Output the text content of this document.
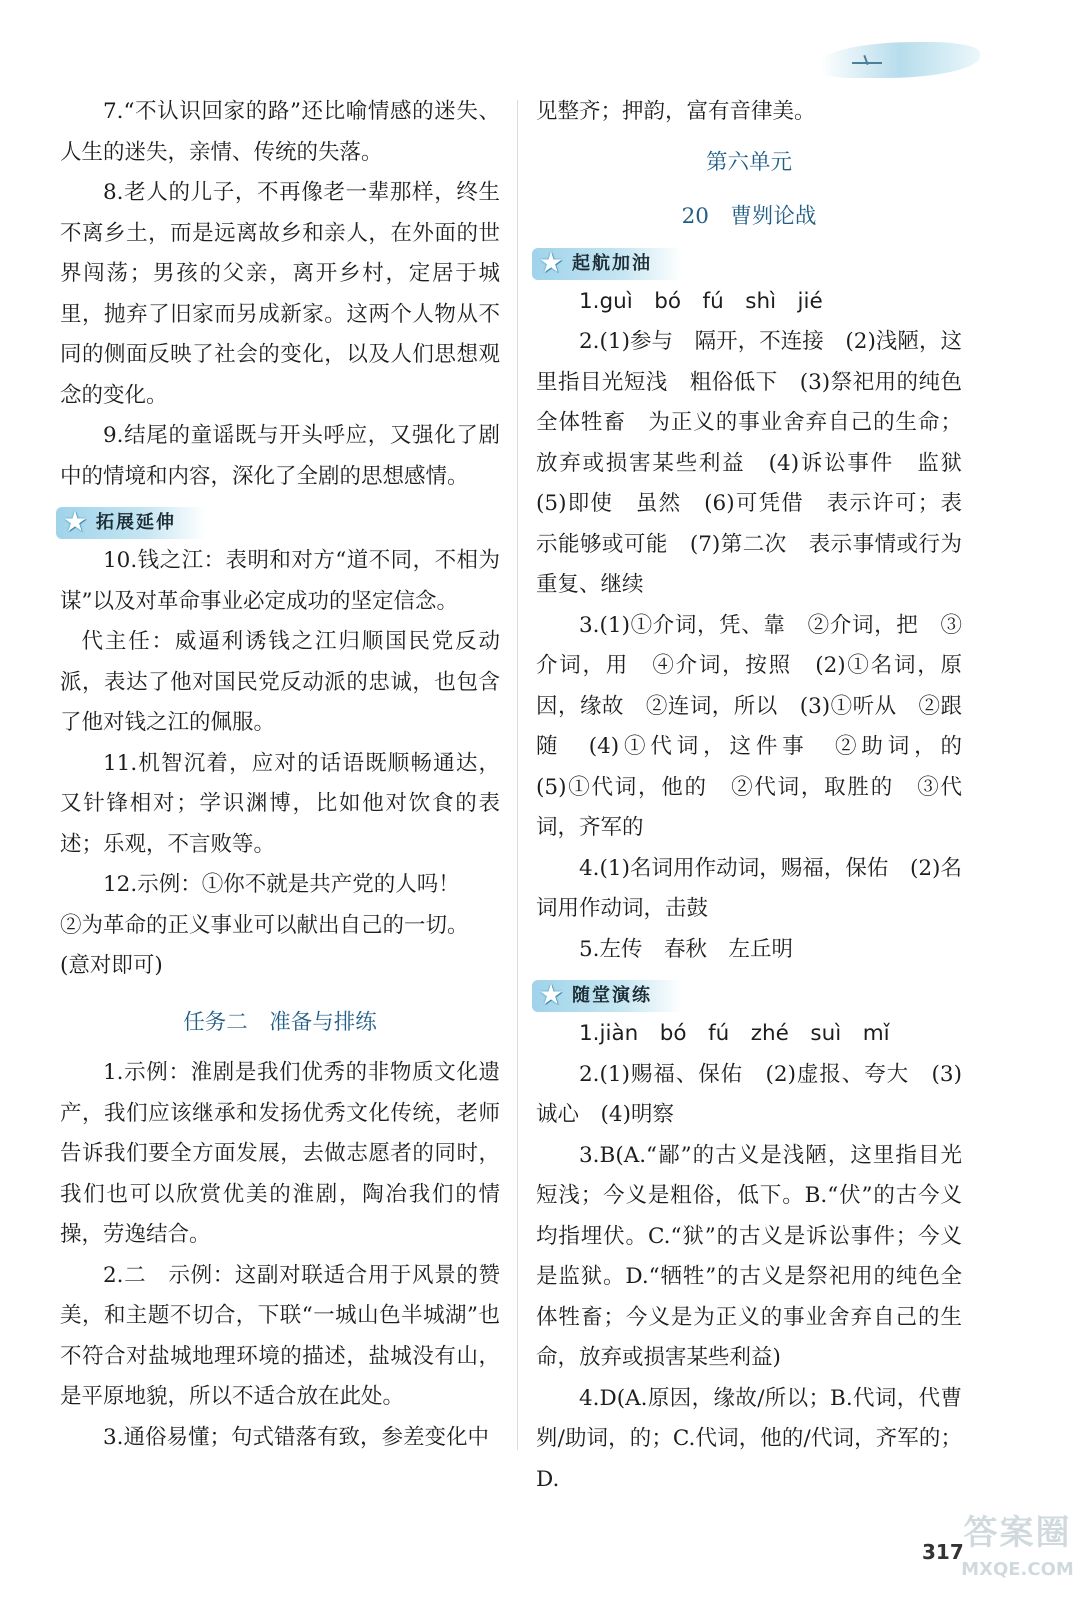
7.“不认识回家的路”还比喻情感的迷失、人生的迷失，亲情、传统的失落。

8.老人的儿子，不再像老一辈那样，终生不离乡土，而是远离故乡和亲人，在外面的世界闯荡；男孩的父亲，离开乡村，定居于城里，抛弃了旧家而另成新家。这两个人物从不同的侧面反映了社会的变化，以及人们思想观念的变化。

9.结尾的童谣既与开头呼应，又强化了剧中的情境和内容，深化了全剧的思想感情。

★ 拓展延伸

10.钱之江：表明和对方“道不同，不相为谋”以及对革命事业必定成功的坚定信念。

代主任：威逼利诱钱之江归顺国民党反动派，表达了他对国民党反动派的忠诚，也包含了他对钱之江的佩服。

11.机智沉着，应对的话语既顺畅通达，又针锋相对；学识渊博，比如他对饮食的表述；乐观，不言败等。

12.示例：①你不就是共产党的人吗！

②为革命的正义事业可以献出自己的一切。

(意对即可)

任务二　准备与排练

1.示例：淮剧是我们优秀的非物质文化遗产，我们应该继承和发扬优秀文化传统，老师告诉我们要全方面发展，去做志愿者的同时，我们也可以欣赏优美的淮剧，陶冶我们的情操，劳逸结合。

2.二　示例：这副对联适合用于风景的赞美，和主题不切合，下联“一城山色半城湖”也不符合对盐城地理环境的描述，盐城没有山，是平原地貌，所以不适合放在此处。

3.通俗易懂；句式错落有致，参差变化中

见整齐；押韵，富有音律美。

第六单元

20　曹刿论战

★ 起航加油

1.guì　bó　fú　shì　jié

2.(1)参与　隔开，不连接　(2)浅陋，这里指目光短浅　粗俗低下　(3)祭祀用的纯色全体牲畜　为正义的事业舍弃自己的生命；放弃或损害某些利益　(4)诉讼事件　监狱　(5)即使　虽然　(6)可凭借　表示许可；表示能够或可能　(7)第二次　表示事情或行为重复、继续

3.(1)①介词，凭、靠　②介词，把　③介词，用　④介词，按照　(2)①名词，原因，缘故　②连词，所以　(3)①听从　②跟随　(4)①代词，这件事　②助词，的　(5)①代词，他的　②代词，取胜的　③代词，齐军的

4.(1)名词用作动词，赐福，保佑　(2)名词用作动词，击鼓

5.左传　春秋　左丘明

★ 随堂演练

1.jiàn　bó　fú　zhé　suì　mǐ

2.(1)赐福、保佑　(2)虚报、夸大　(3)诚心　(4)明察

3.B(A.“鄙”的古义是浅陋，这里指目光短浅；今义是粗俗，低下。B.“伏”的古今义均指埋伏。C.“狱”的古义是诉讼事件；今义是监狱。D.“牺牲”的古义是祭祀用的纯色全体牲畜；今义是为正义的事业舍弃自己的生命，放弃或损害某些利益)

4.D(A.原因，缘故/所以；B.代词，代曹刿/助词，的；C.代词，他的/代词，齐军的；D.

317 答案圈
MXQE.COM
